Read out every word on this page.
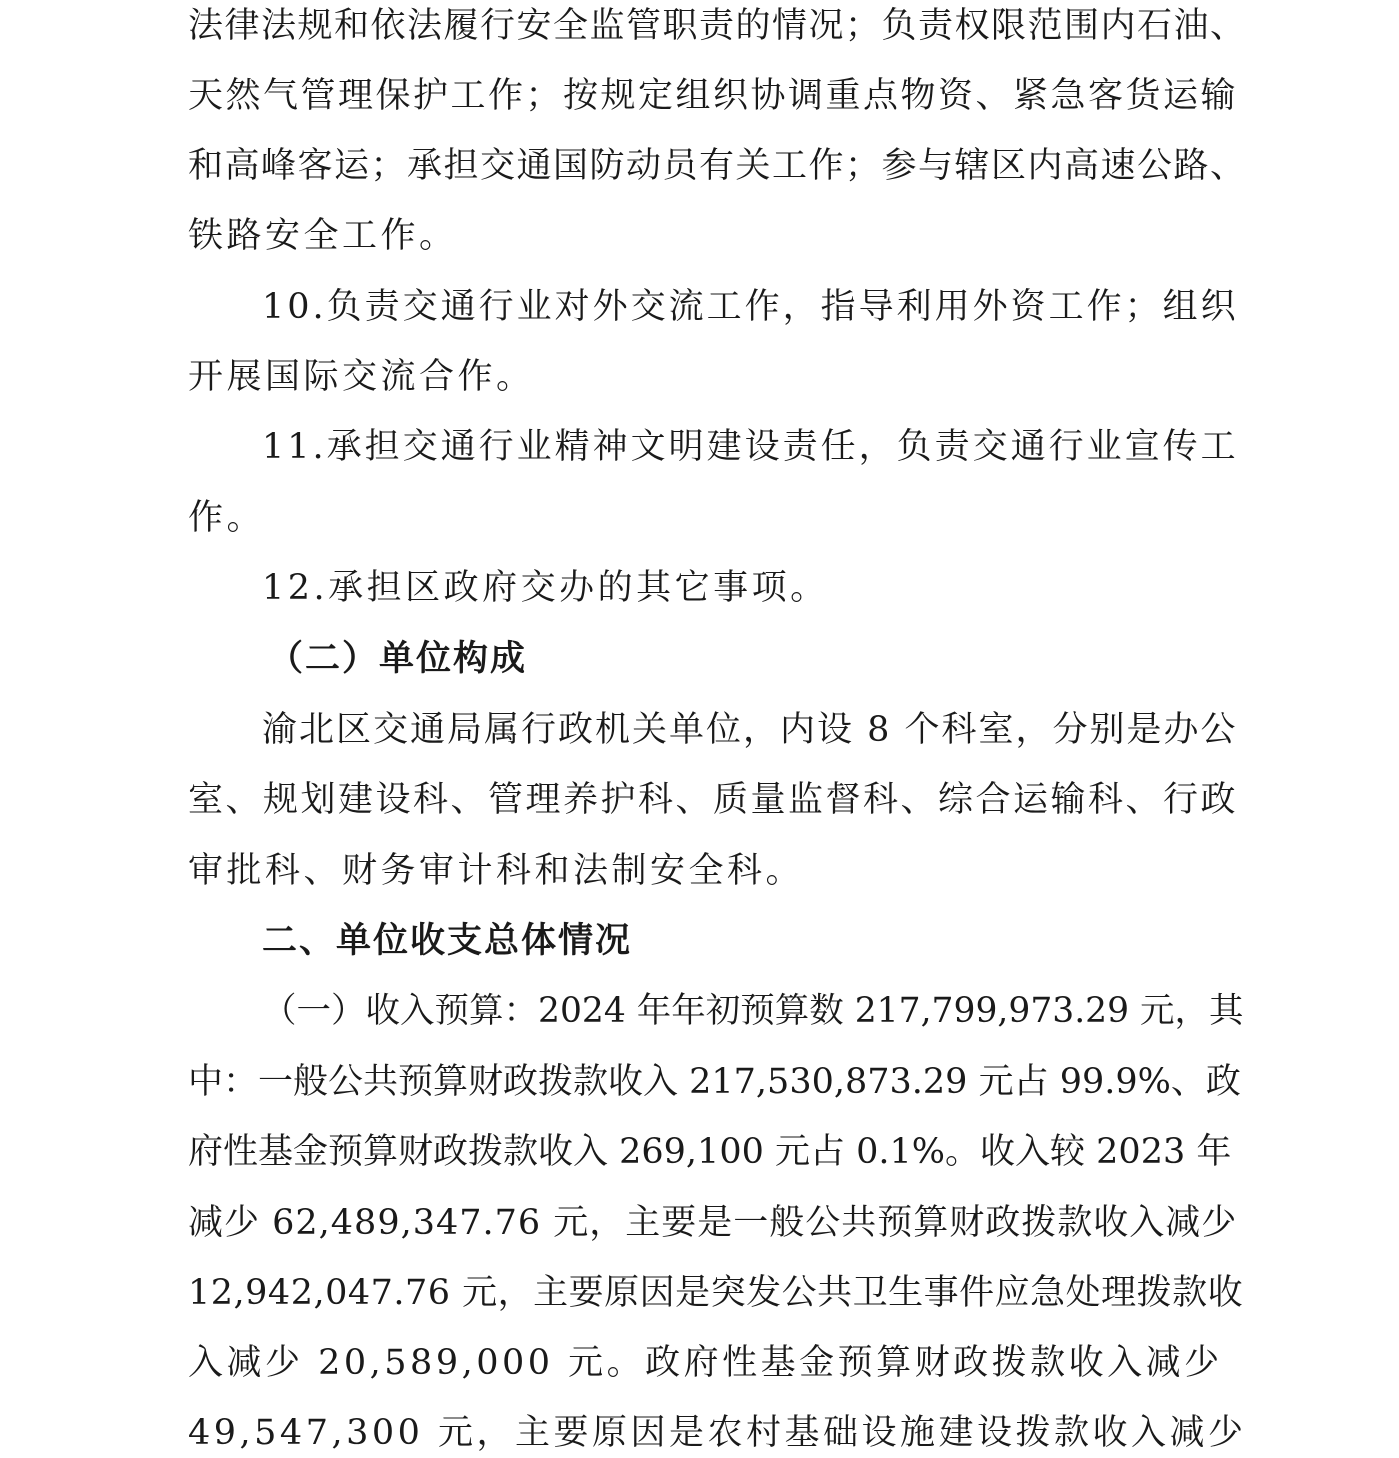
法律法规和依法履行安全监管职责的情况；负责权限范围内石油、
天然气管理保护工作；按规定组织协调重点物资、紧急客货运输
和高峰客运；承担交通国防动员有关工作；参与辖区内高速公路、
铁路安全工作。
10.负责交通行业对外交流工作，指导利用外资工作；组织
开展国际交流合作。
11.承担交通行业精神文明建设责任，负责交通行业宣传工
作。
12.承担区政府交办的其它事项。
（二）单位构成
渝北区交通局属行政机关单位，内设 8 个科室，分别是办公
室、规划建设科、管理养护科、质量监督科、综合运输科、行政
审批科、财务审计科和法制安全科。
二、单位收支总体情况
（一）收入预算：2024 年年初预算数 217,799,973.29 元，其
中：一般公共预算财政拨款收入 217,530,873.29 元占 99.9%、政
府性基金预算财政拨款收入 269,100 元占 0.1%。收入较 2023 年
减少 62,489,347.76 元，主要是一般公共预算财政拨款收入减少
12,942,047.76 元，主要原因是突发公共卫生事件应急处理拨款收
入减少 20,589,000 元。政府性基金预算财政拨款收入减少
49,547,300 元，主要原因是农村基础设施建设拨款收入减少
